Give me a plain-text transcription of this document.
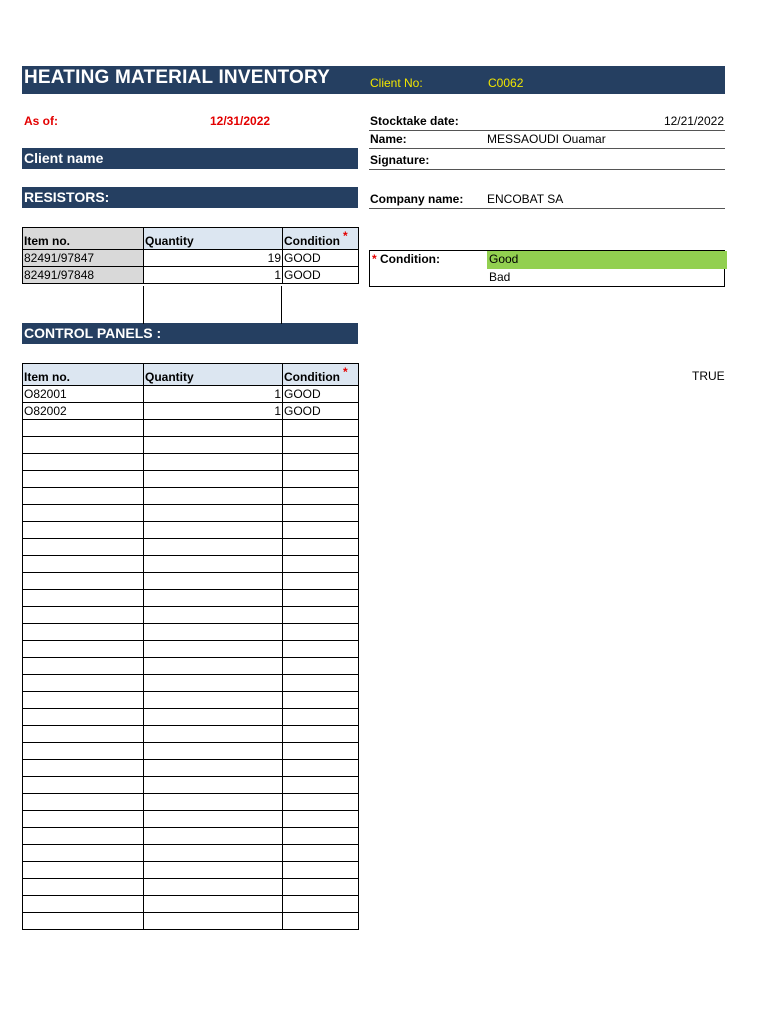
HEATING MATERIAL INVENTORY	Client No:	C0062
As of:	12/31/2022	Stocktake date:	12/21/2022
Name:	MESSAOUDI Ouamar
Signature:
Company name: ENCOBAT SA
Client name
RESISTORS:
CONTROL PANELS :
Item no.	Quantity	Condition *
82491/97847	19	GOOD
82491/97848	1	GOOD
* Condition:	Good
Bad
TRUE
Item no.	Quantity	Condition *
O82001	1	GOOD
O82002	1	GOOD
